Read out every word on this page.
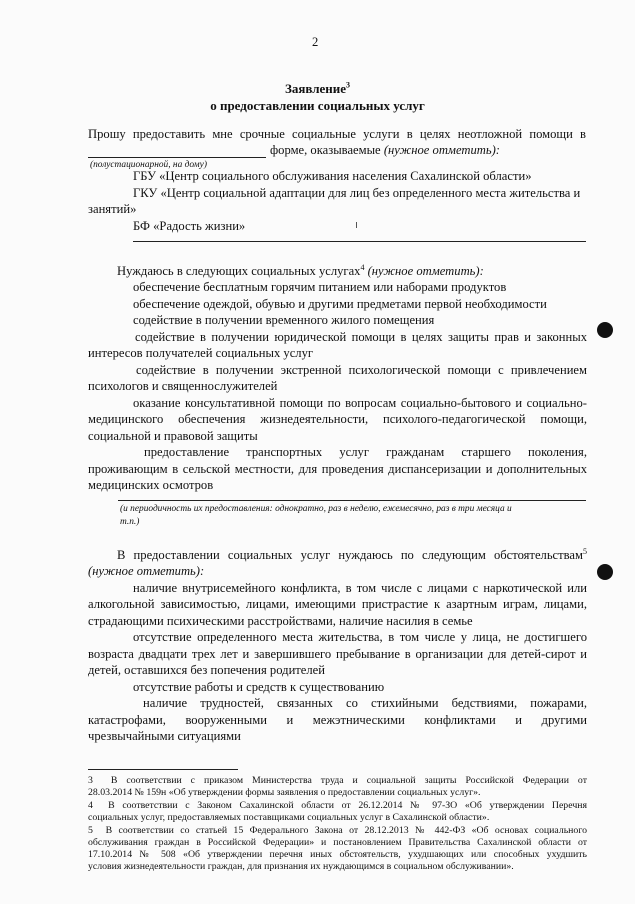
2
Заявление$^3$
о предоставлении социальных услуг
Прошу предоставить мне срочные социальные услуги в целях неотложной помощи в
форме, оказываемые (нужное отметить):
(полустационарной, на дому)
ГБУ «Центр социального обслуживания населения Сахалинской области»
ГКУ «Центр социальной адаптации для лиц без определенного места жительства и
занятий»
БФ «Радость жизни»
Нуждаюсь в следующих социальных услугах$^4$ (нужное отметить):
обеспечение бесплатным горячим питанием или наборами продуктов
обеспечение одеждой, обувью и другими предметами первой необходимости
содействие в получении временного жилого помещения
содействие в получении юридической помощи в целях защиты прав и законных
интересов получателей социальных услуг
содействие в получении экстренной психологической помощи с привлечением
психологов и священнослужителей
оказание консультативной помощи по вопросам социально-бытового и социально-
медицинского обеспечения жизнедеятельности, психолого-педагогической помощи,
социальной и правовой защиты
предоставление транспортных услуг гражданам старшего поколения,
проживающим в сельской местности, для проведения диспансеризации и дополнительных
медицинских осмотров
(и периодичность их предоставления: однократно, раз в неделю, ежемесячно, раз в три месяца и
т.п.)
В предоставлении социальных услуг нуждаюсь по следующим обстоятельствам$^5$
(нужное отметить):
наличие внутрисемейного конфликта, в том числе с лицами с наркотической или
алкогольной зависимостью, лицами, имеющими пристрастие к азартным играм, лицами,
страдающими психическими расстройствами, наличие насилия в семье
отсутствие определенного места жительства, в том числе у лица, не достигшего
возраста двадцати трех лет и завершившего пребывание в организации для детей-сирот и
детей, оставшихся без попечения родителей
отсутствие работы и средств к существованию
наличие трудностей, связанных со стихийными бедствиями, пожарами,
катастрофами, вооруженными и межэтническими конфликтами и другими
чрезвычайными ситуациями
3 В соответствии с приказом Министерства труда и социальной защиты Российской Федерации от
28.03.2014 № 159н «Об утверждении формы заявления о предоставлении социальных услуг».
4 В соответствии с Законом Сахалинской области от 26.12.2014 № 97-ЗО «Об утверждении Перечня
социальных услуг, предоставляемых поставщиками социальных услуг в Сахалинской области».
5 В соответствии со статьей 15 Федерального Закона от 28.12.2013 № 442-ФЗ «Об основах социального
обслуживания граждан в Российской Федерации» и постановлением Правительства Сахалинской области от
17.10.2014 № 508 «Об утверждении перечня иных обстоятельств, ухудшающих или способных ухудшить
условия жизнедеятельности граждан, для признания их нуждающимся в социальном обслуживании».
